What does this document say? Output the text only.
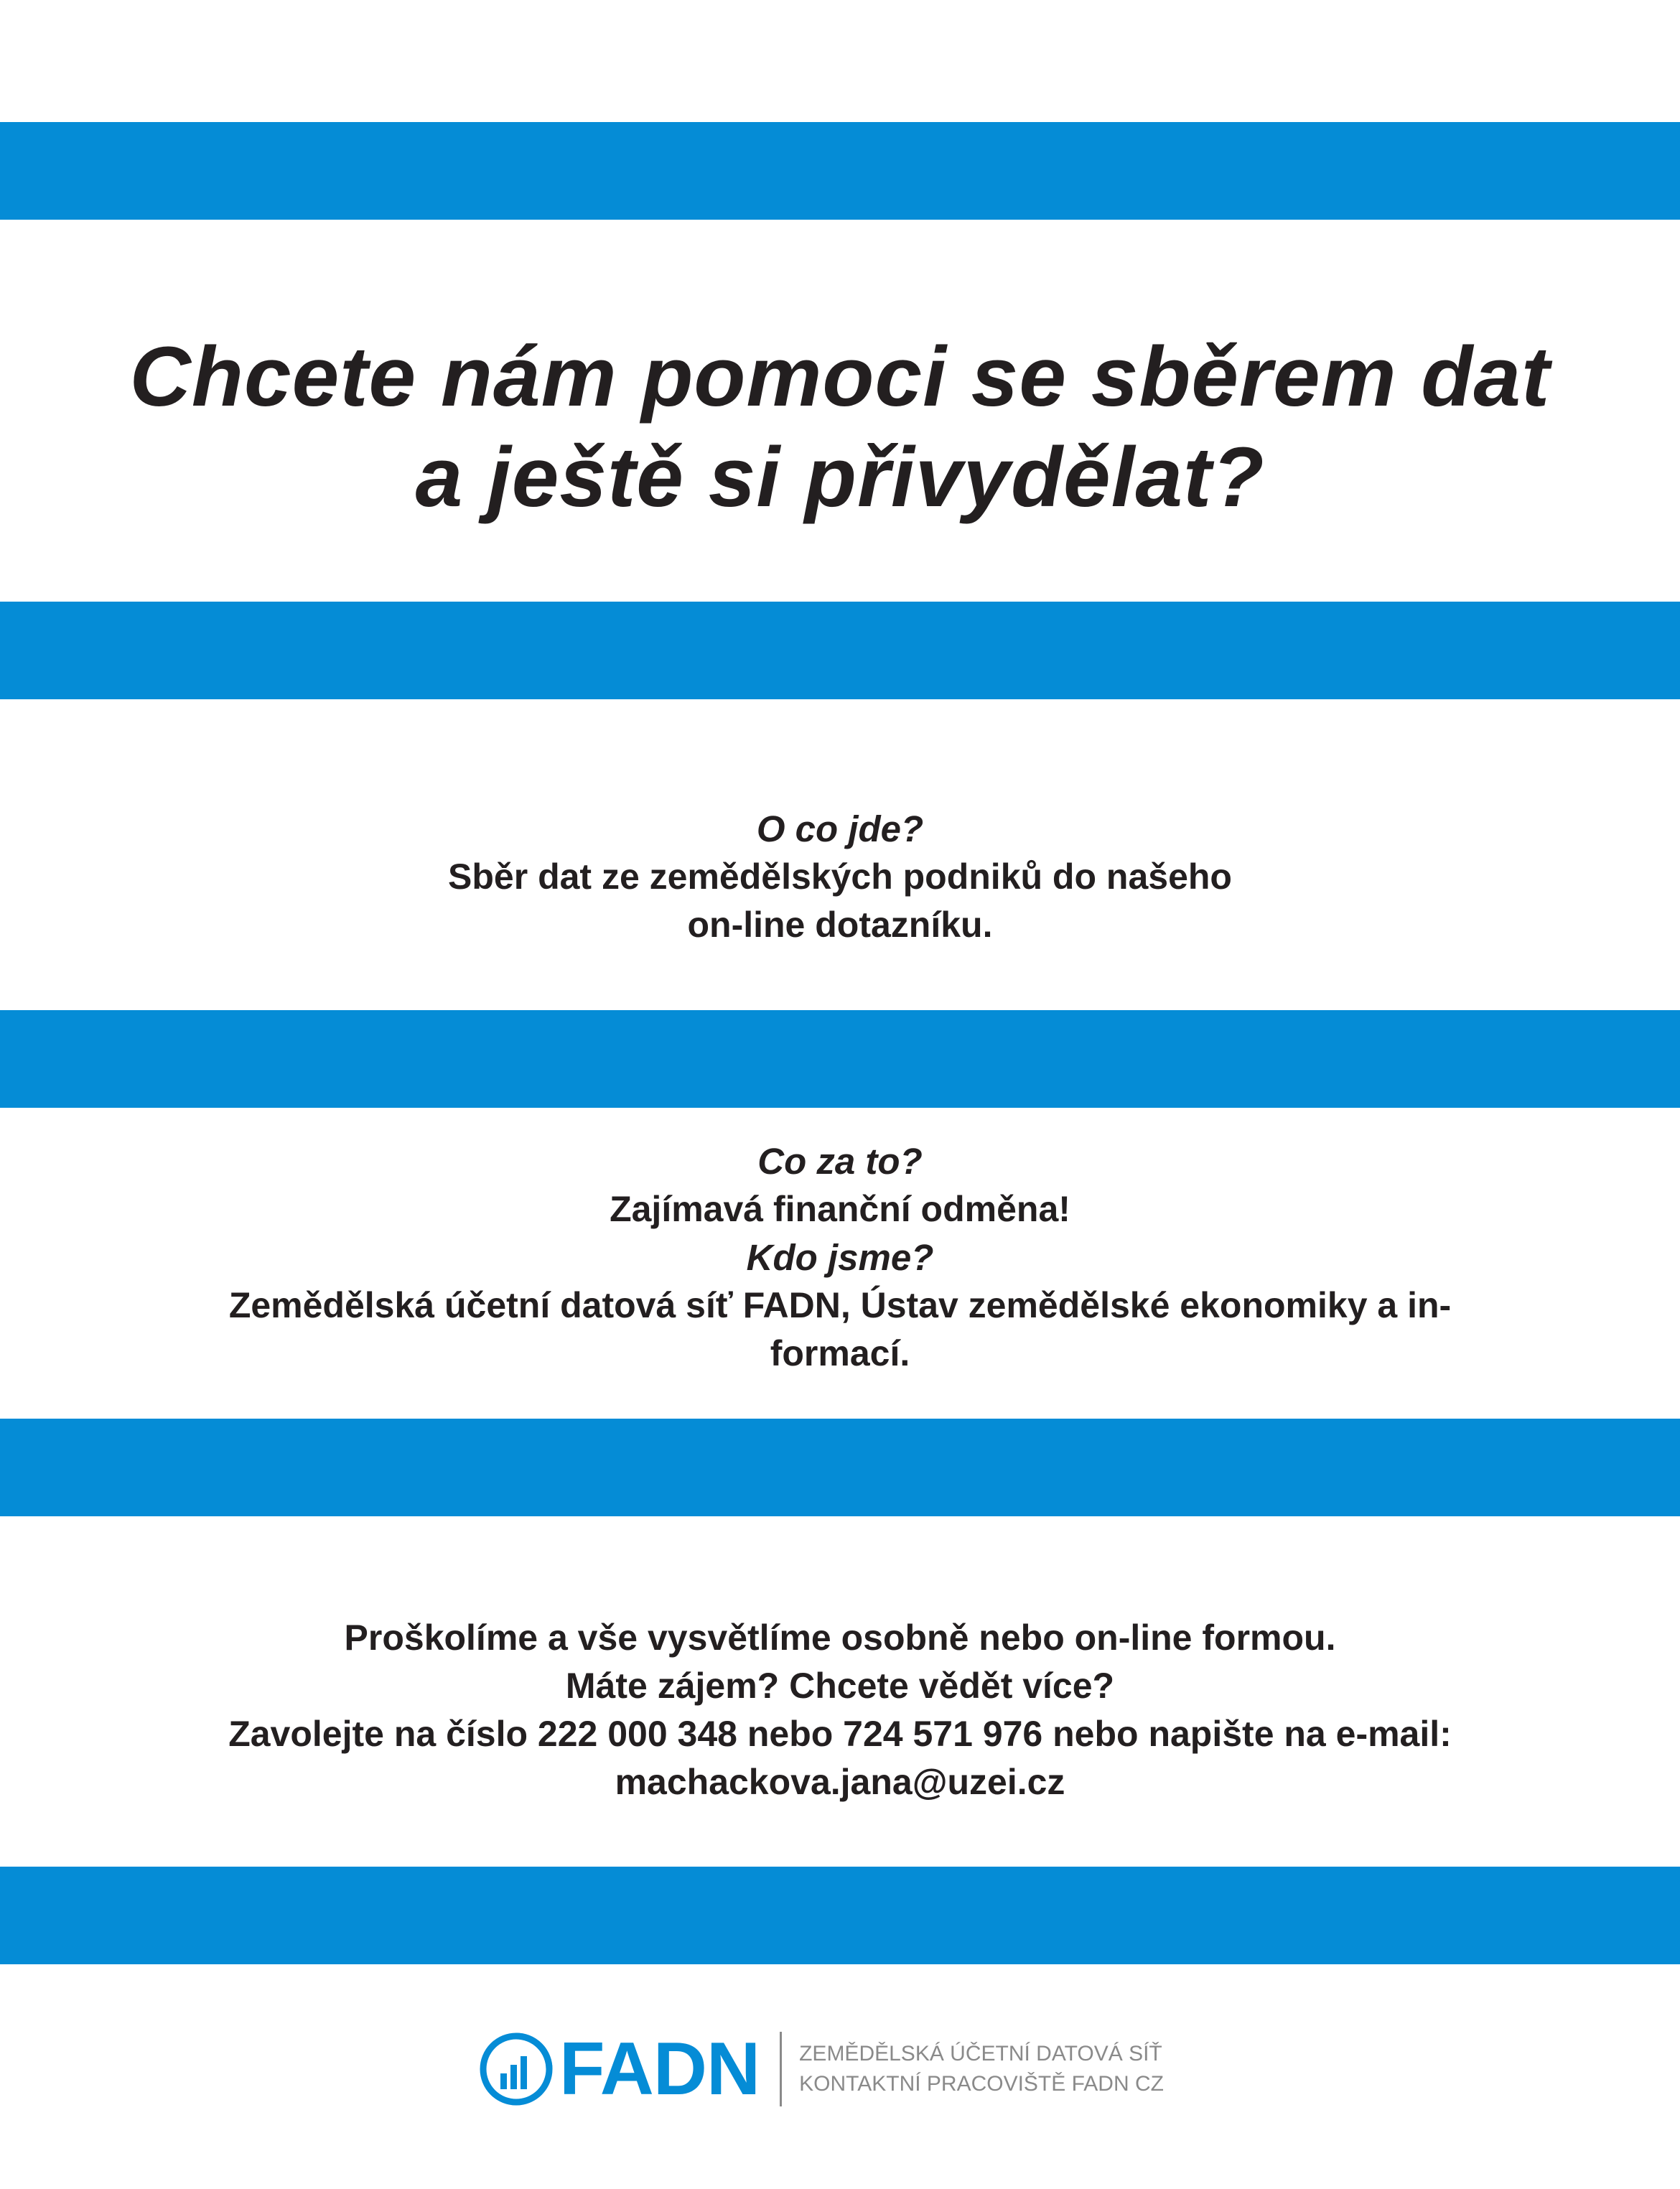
Chcete nám pomoci se sběrem dat
a ještě si přivydělat?
O co jde?
Sběr dat ze zemědělských podniků do našeho
on-line dotazníku.
Co za to?
Zajímavá finanční odměna!
Kdo jsme?
Zemědělská účetní datová síť FADN, Ústav zemědělské ekonomiky a in-
formací.
Proškolíme a vše vysvětlíme osobně nebo on-line formou.
Máte zájem? Chcete vědět více?
Zavolejte na číslo 222 000 348 nebo 724 571 976 nebo napište na e-mail:
machackova.jana@uzei.cz
FADN ZEMĚDĚLSKÁ ÚČETNÍ DATOVÁ SÍŤ
KONTAKTNÍ PRACOVIŠTĚ FADN CZ
